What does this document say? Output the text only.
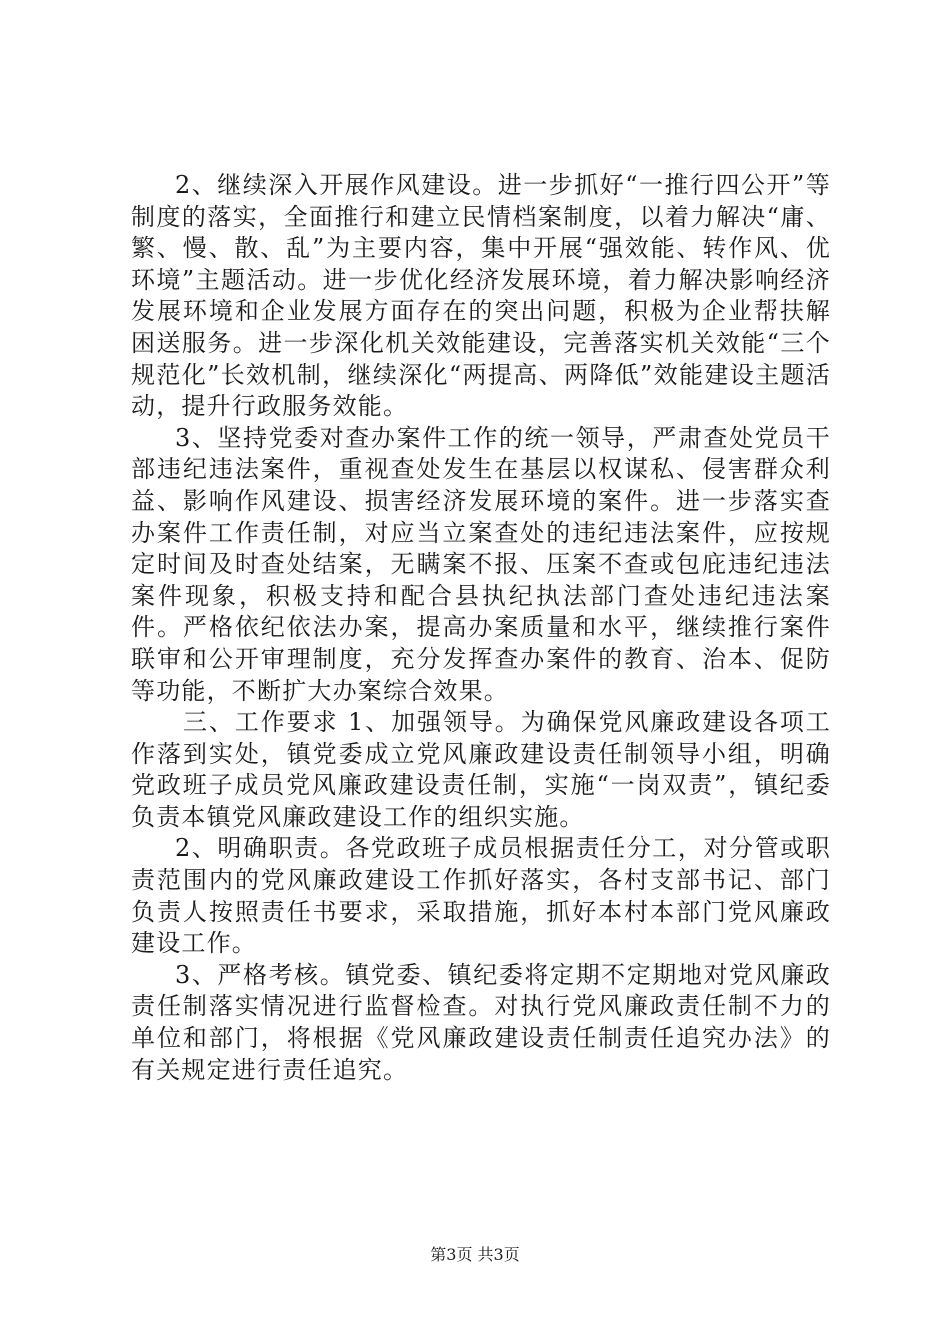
2、继续深入开展作风建设。进一步抓好“一推行四公开”等制度的落实，全面推行和建立民情档案制度，以着力解决“庸、繁、慢、散、乱”为主要内容，集中开展“强效能、转作风、优环境”主题活动。进一步优化经济发展环境，着力解决影响经济发展环境和企业发展方面存在的突出问题，积极为企业帮扶解困送服务。进一步深化机关效能建设，完善落实机关效能“三个规范化”长效机制，继续深化“两提高、两降低”效能建设主题活动，提升行政服务效能。

3、坚持党委对查办案件工作的统一领导，严肃查处党员干部违纪违法案件，重视查处发生在基层以权谋私、侵害群众利益、影响作风建设、损害经济发展环境的案件。进一步落实查办案件工作责任制，对应当立案查处的违纪违法案件，应按规定时间及时查处结案，无瞒案不报、压案不查或包庇违纪违法案件现象，积极支持和配合县执纪执法部门查处违纪违法案件。严格依纪依法办案，提高办案质量和水平，继续推行案件联审和公开审理制度，充分发挥查办案件的教育、治本、促防等功能，不断扩大办案综合效果。

三、工作要求 1、加强领导。为确保党风廉政建设各项工作落到实处，镇党委成立党风廉政建设责任制领导小组，明确党政班子成员党风廉政建设责任制，实施“一岗双责”，镇纪委负责本镇党风廉政建设工作的组织实施。

2、明确职责。各党政班子成员根据责任分工，对分管或职责范围内的党风廉政建设工作抓好落实，各村支部书记、部门负责人按照责任书要求，采取措施，抓好本村本部门党风廉政建设工作。

3、严格考核。镇党委、镇纪委将定期不定期地对党风廉政责任制落实情况进行监督检查。对执行党风廉政责任制不力的单位和部门，将根据《党风廉政建设责任制责任追究办法》的有关规定进行责任追究。

第3页 共3页
